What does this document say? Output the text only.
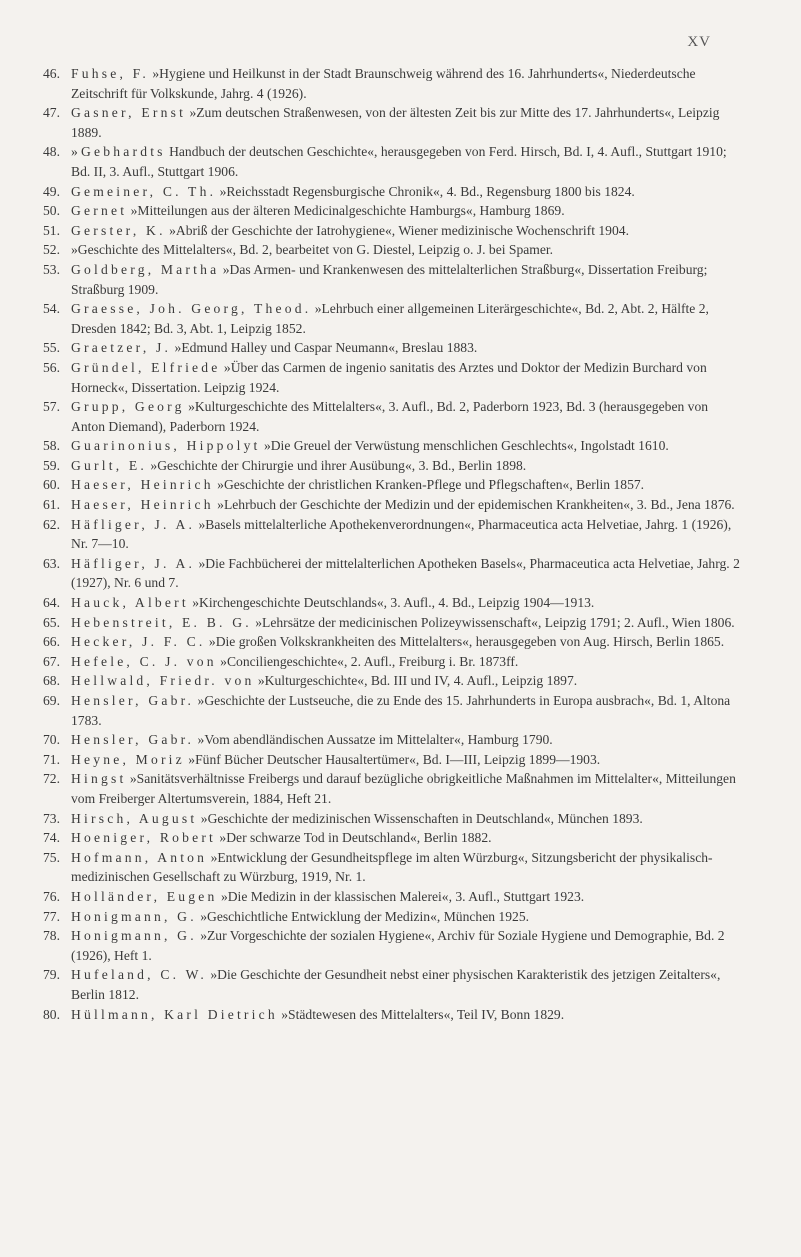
XV
46. Fuhse, F. »Hygiene und Heilkunst in der Stadt Braunschweig während des 16. Jahrhunderts«, Niederdeutsche Zeitschrift für Volkskunde, Jahrg. 4 (1926).
47. Gasner, Ernst »Zum deutschen Straßenwesen, von der ältesten Zeit bis zur Mitte des 17. Jahrhunderts«, Leipzig 1889.
48. »Gebhardts Handbuch der deutschen Geschichte«, herausgegeben von Ferd. Hirsch, Bd. I, 4. Aufl., Stuttgart 1910; Bd. II, 3. Aufl., Stuttgart 1906.
49. Gemeiner, C. Th. »Reichsstadt Regensburgische Chronik«, 4. Bd., Regensburg 1800 bis 1824.
50. Gernet »Mitteilungen aus der älteren Medicinalgeschichte Hamburgs«, Hamburg 1869.
51. Gerster, K. »Abriß der Geschichte der Iatrohygiene«, Wiener medizinische Wochenschrift 1904.
52. »Geschichte des Mittelalters«, Bd. 2, bearbeitet von G. Diestel, Leipzig o. J. bei Spamer.
53. Goldberg, Martha »Das Armen- und Krankenwesen des mittelalterlichen Straßburg«, Dissertation Freiburg; Straßburg 1909.
54. Graesse, Joh. Georg, Theod. »Lehrbuch einer allgemeinen Literärgeschichte«, Bd. 2, Abt. 2, Hälfte 2, Dresden 1842; Bd. 3, Abt. 1, Leipzig 1852.
55. Graetzer, J. »Edmund Halley und Caspar Neumann«, Breslau 1883.
56. Gründel, Elfriede »Über das Carmen de ingenio sanitatis des Arztes und Doktor der Medizin Burchard von Horneck«, Dissertation. Leipzig 1924.
57. Grupp, Georg »Kulturgeschichte des Mittelalters«, 3. Aufl., Bd. 2, Paderborn 1923, Bd. 3 (herausgegeben von Anton Diemand), Paderborn 1924.
58. Guarinonius, Hippolyt »Die Greuel der Verwüstung menschlichen Geschlechts«, Ingolstadt 1610.
59. Gurlt, E. »Geschichte der Chirurgie und ihrer Ausübung«, 3. Bd., Berlin 1898.
60. Haeser, Heinrich »Geschichte der christlichen Kranken-Pflege und Pflegschaften«, Berlin 1857.
61. Haeser, Heinrich »Lehrbuch der Geschichte der Medizin und der epidemischen Krankheiten«, 3. Bd., Jena 1876.
62. Häfliger, J. A. »Basels mittelalterliche Apothekenverordnungen«, Pharmaceutica acta Helvetiae, Jahrg. 1 (1926), Nr. 7—10.
63. Häfliger, J. A. »Die Fachbücherei der mittelalterlichen Apotheken Basels«, Pharmaceutica acta Helvetiae, Jahrg. 2 (1927), Nr. 6 und 7.
64. Hauck, Albert »Kirchengeschichte Deutschlands«, 3. Aufl., 4. Bd., Leipzig 1904—1913.
65. Hebenstreit, E. B. G. »Lehrsätze der medicinischen Polizeywissenschaft«, Leipzig 1791; 2. Aufl., Wien 1806.
66. Hecker, J. F. C. »Die großen Volkskrankheiten des Mittelalters«, herausgegeben von Aug. Hirsch, Berlin 1865.
67. Hefele, C. J. von »Conciliengeschichte«, 2. Aufl., Freiburg i. Br. 1873ff.
68. Hellwald, Friedr. von »Kulturgeschichte«, Bd. III und IV, 4. Aufl., Leipzig 1897.
69. Hensler, Gabr. »Geschichte der Lustseuche, die zu Ende des 15. Jahrhunderts in Europa ausbrach«, Bd. 1, Altona 1783.
70. Hensler, Gabr. »Vom abendländischen Aussatze im Mittelalter«, Hamburg 1790.
71. Heyne, Moriz »Fünf Bücher Deutscher Hausaltertümer«, Bd. I—III, Leipzig 1899—1903.
72. Hingst »Sanitätsverhältnisse Freibergs und darauf bezügliche obrigkeitliche Maßnahmen im Mittelalter«, Mitteilungen vom Freiberger Altertumsverein, 1884, Heft 21.
73. Hirsch, August »Geschichte der medizinischen Wissenschaften in Deutschland«, München 1893.
74. Hoeniger, Robert »Der schwarze Tod in Deutschland«, Berlin 1882.
75. Hofmann, Anton »Entwicklung der Gesundheitspflege im alten Würzburg«, Sitzungsbericht der physikalisch-medizinischen Gesellschaft zu Würzburg, 1919, Nr. 1.
76. Holländer, Eugen »Die Medizin in der klassischen Malerei«, 3. Aufl., Stuttgart 1923.
77. Honigmann, G. »Geschichtliche Entwicklung der Medizin«, München 1925.
78. Honigmann, G. »Zur Vorgeschichte der sozialen Hygiene«, Archiv für Soziale Hygiene und Demographie, Bd. 2 (1926), Heft 1.
79. Hufeland, C. W. »Die Geschichte der Gesundheit nebst einer physischen Karakteristik des jetzigen Zeitalters«, Berlin 1812.
80. Hüllmann, Karl Dietrich »Städtewesen des Mittelalters«, Teil IV, Bonn 1829.
